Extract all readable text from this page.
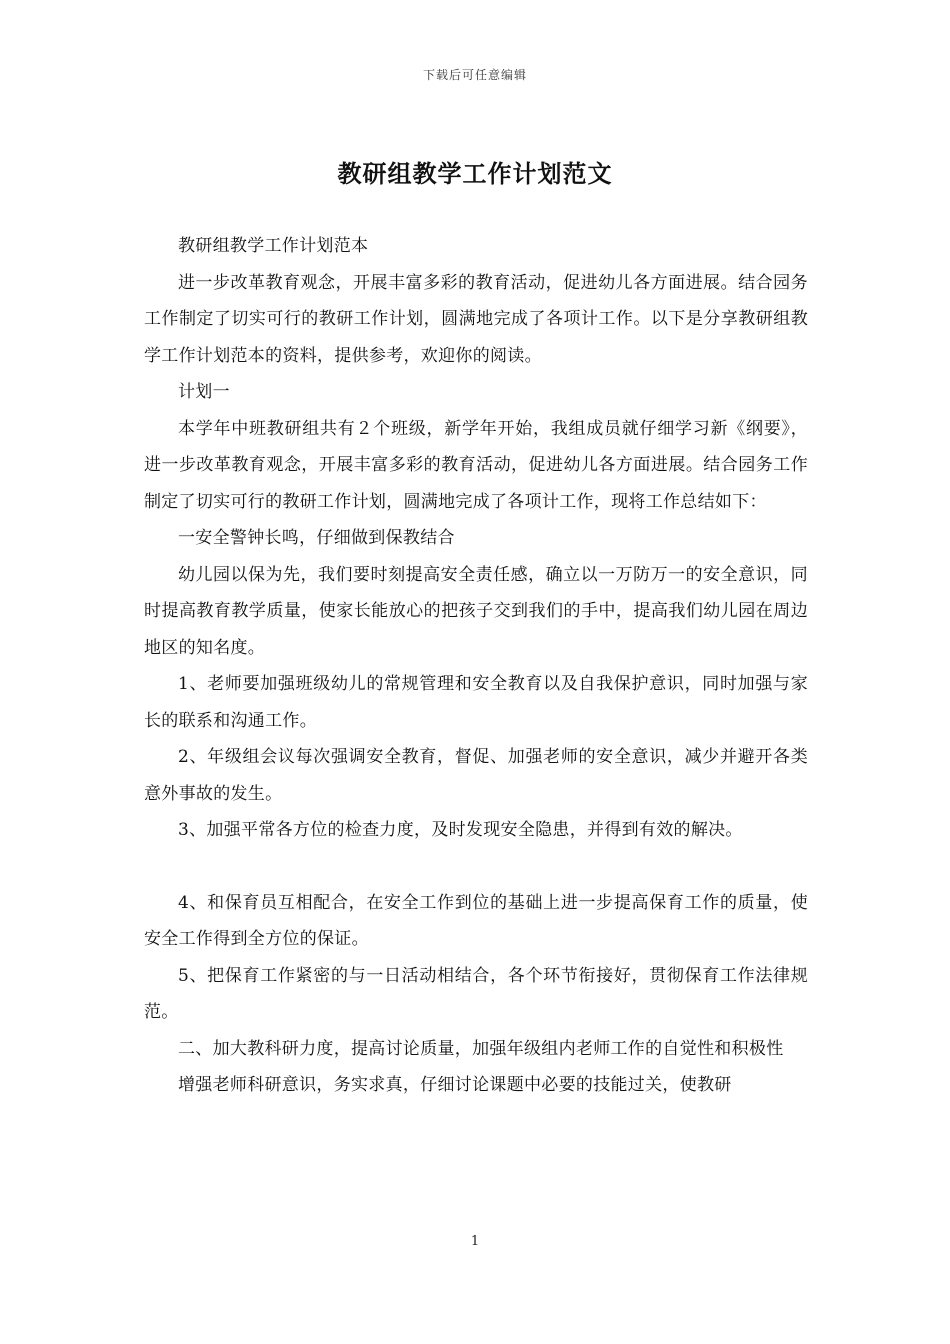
下载后可任意编辑
教研组教学工作计划范文

教研组教学工作计划范本

进一步改革教育观念，开展丰富多彩的教育活动，促进幼儿各方面进展。结合园务工作制定了切实可行的教研工作计划，圆满地完成了各项计工作。以下是分享教研组教学工作计划范本的资料，提供参考，欢迎你的阅读。

计划一

本学年中班教研组共有２个班级，新学年开始，我组成员就仔细学习新《纲要》，进一步改革教育观念，开展丰富多彩的教育活动，促进幼儿各方面进展。结合园务工作制定了切实可行的教研工作计划，圆满地完成了各项计工作，现将工作总结如下：

一安全警钟长鸣，仔细做到保教结合

幼儿园以保为先，我们要时刻提高安全责任感，确立以一万防万一的安全意识，同时提高教育教学质量，使家长能放心的把孩子交到我们的手中，提高我们幼儿园在周边地区的知名度。

1、老师要加强班级幼儿的常规管理和安全教育以及自我保护意识，同时加强与家长的联系和沟通工作。

2、年级组会议每次强调安全教育，督促、加强老师的安全意识，减少并避开各类意外事故的发生。

3、加强平常各方位的检查力度，及时发现安全隐患，并得到有效的解决。

4、和保育员互相配合，在安全工作到位的基础上进一步提高保育工作的质量，使安全工作得到全方位的保证。

5、把保育工作紧密的与一日活动相结合，各个环节衔接好，贯彻保育工作法律规范。

二、加大教科研力度，提高讨论质量，加强年级组内老师工作的自觉性和积极性

增强老师科研意识，务实求真，仔细讨论课题中必要的技能过关，使教研

1
